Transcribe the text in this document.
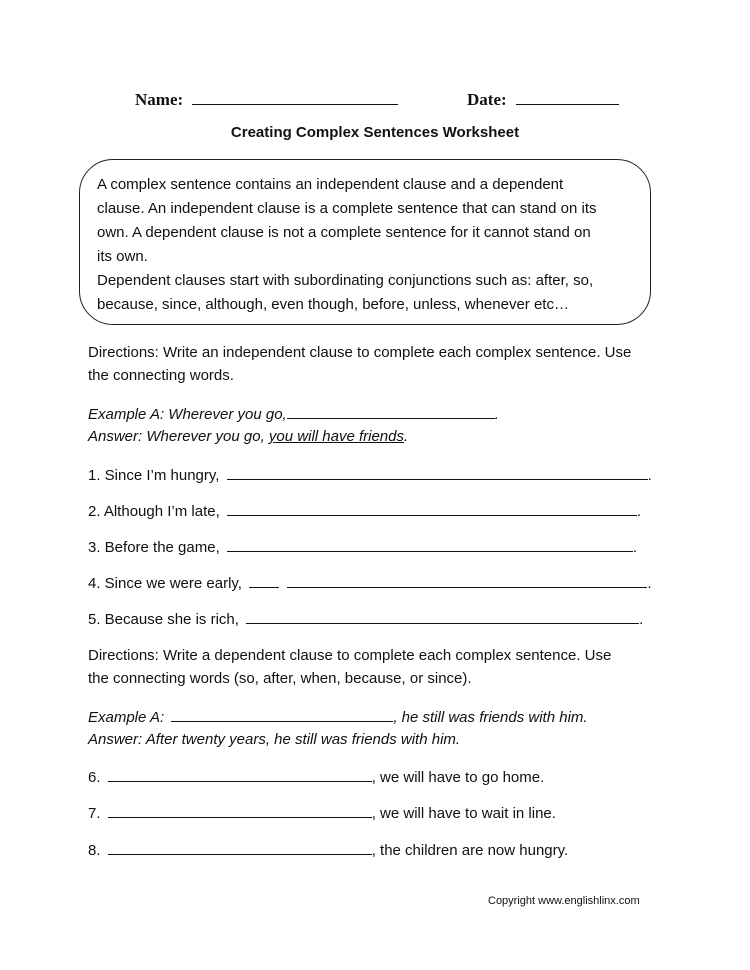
Name:	Date:
Creating Complex Sentences Worksheet
A complex sentence contains an independent clause and a dependent
clause. An independent clause is a complete sentence that can stand on its
own. A dependent clause is not a complete sentence for it cannot stand on
its own.
Dependent clauses start with subordinating conjunctions such as: after, so,
because, since, although, even though, before, unless, whenever etc…
Directions: Write an independent clause to complete each complex sentence. Use
the connecting words.
Example A: Wherever you go,	.
Answer: Wherever you go, you will have friends.
1. Since I’m hungry,	.
2. Although I’m late,	.
3. Before the game,	.
4. Since we were early,	.
5. Because she is rich,	.
Directions: Write a dependent clause to complete each complex sentence. Use
the connecting words (so, after, when, because, or since).
Example A:	, he still was friends with him.
Answer: After twenty years, he still was friends with him.
6.	, we will have to go home.
7.	, we will have to wait in line.
8.	, the children are now hungry.
Copyright www.englishlinx.com
